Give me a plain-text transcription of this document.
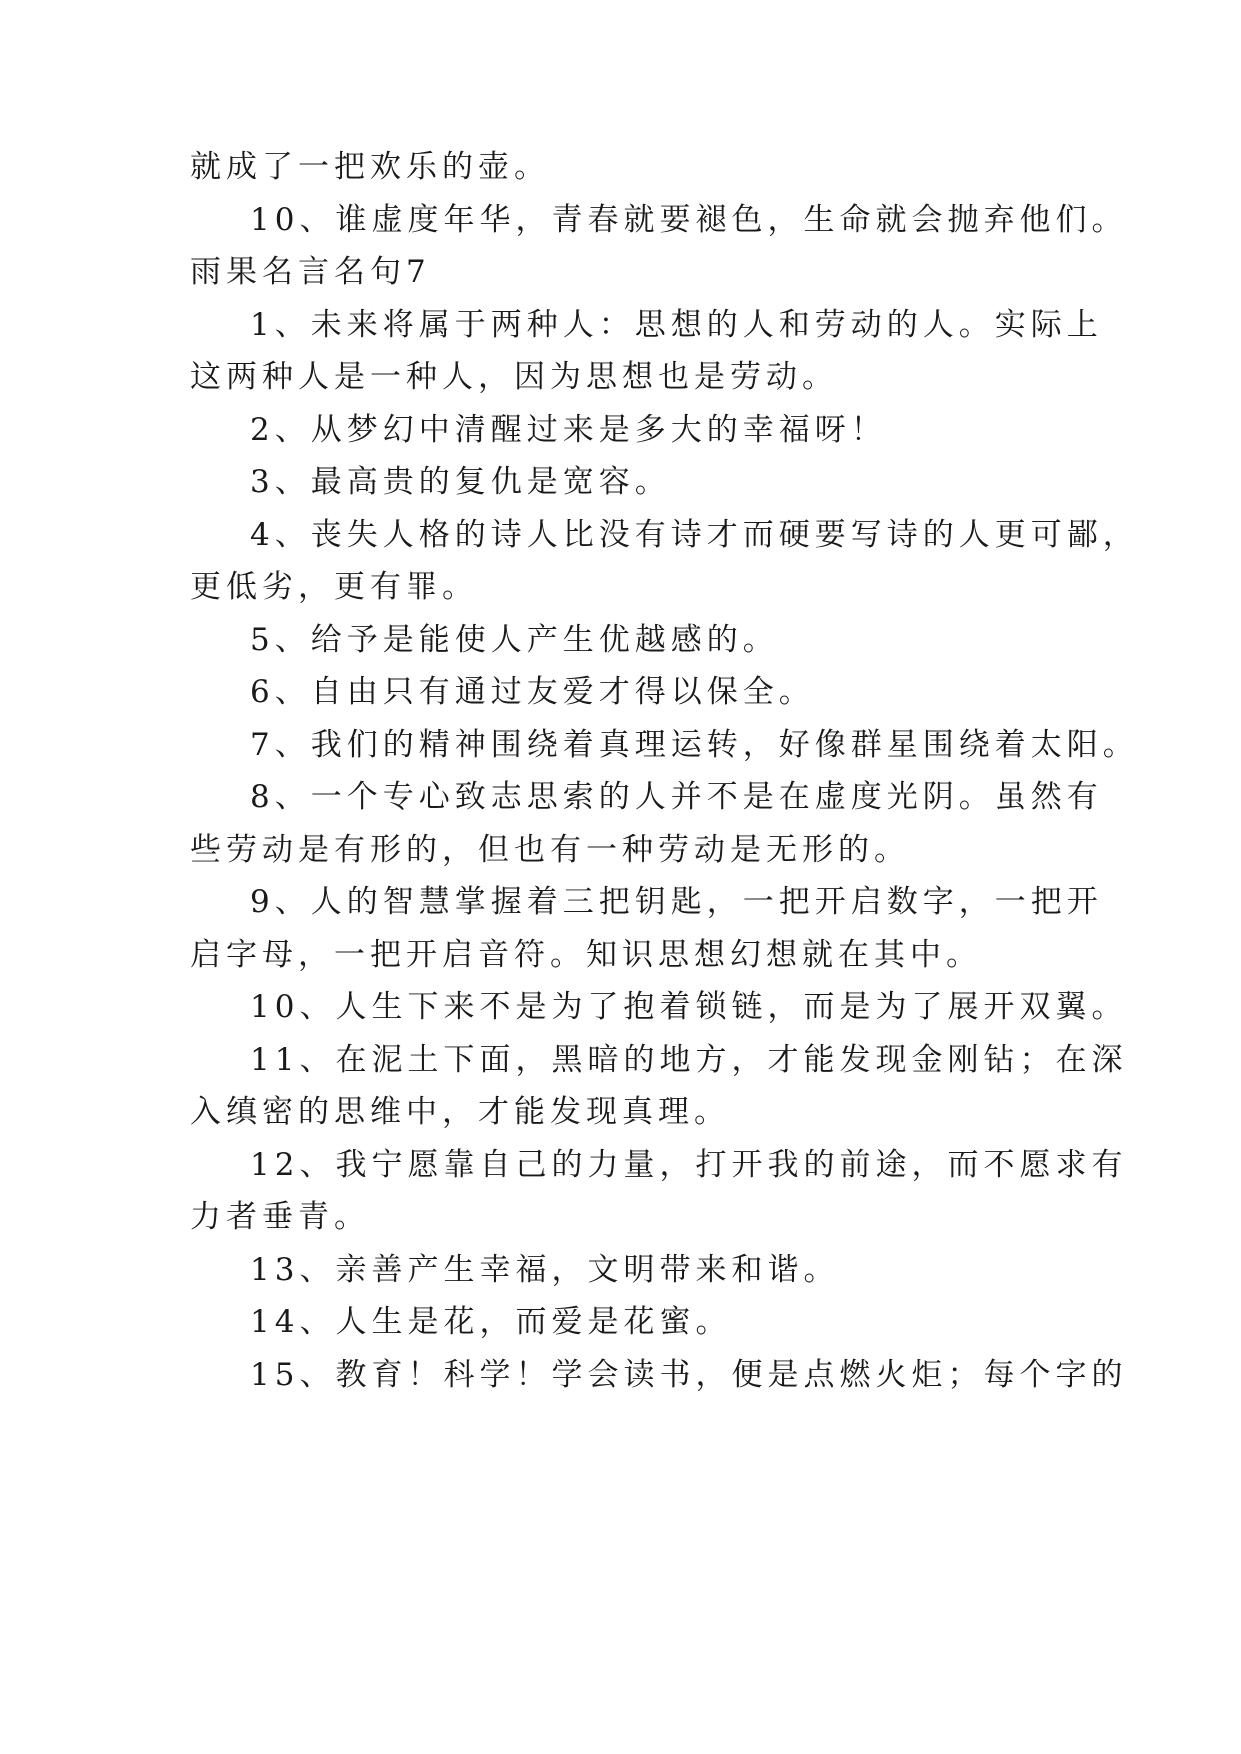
就成了一把欢乐的壶。
10、谁虚度年华，青春就要褪色，生命就会抛弃他们。
雨果名言名句7
1、未来将属于两种人：思想的人和劳动的人。实际上
这两种人是一种人，因为思想也是劳动。
2、从梦幻中清醒过来是多大的幸福呀！
3、最高贵的复仇是宽容。
4、丧失人格的诗人比没有诗才而硬要写诗的人更可鄙，
更低劣，更有罪。
5、给予是能使人产生优越感的。
6、自由只有通过友爱才得以保全。
7、我们的精神围绕着真理运转，好像群星围绕着太阳。
8、一个专心致志思索的人并不是在虚度光阴。虽然有
些劳动是有形的，但也有一种劳动是无形的。
9、人的智慧掌握着三把钥匙，一把开启数字，一把开
启字母，一把开启音符。知识思想幻想就在其中。
10、人生下来不是为了抱着锁链，而是为了展开双翼。
11、在泥土下面，黑暗的地方，才能发现金刚钻；在深
入缜密的思维中，才能发现真理。
12、我宁愿靠自己的力量，打开我的前途，而不愿求有
力者垂青。
13、亲善产生幸福，文明带来和谐。
14、人生是花，而爱是花蜜。
15、教育！科学！学会读书，便是点燃火炬；每个字的
